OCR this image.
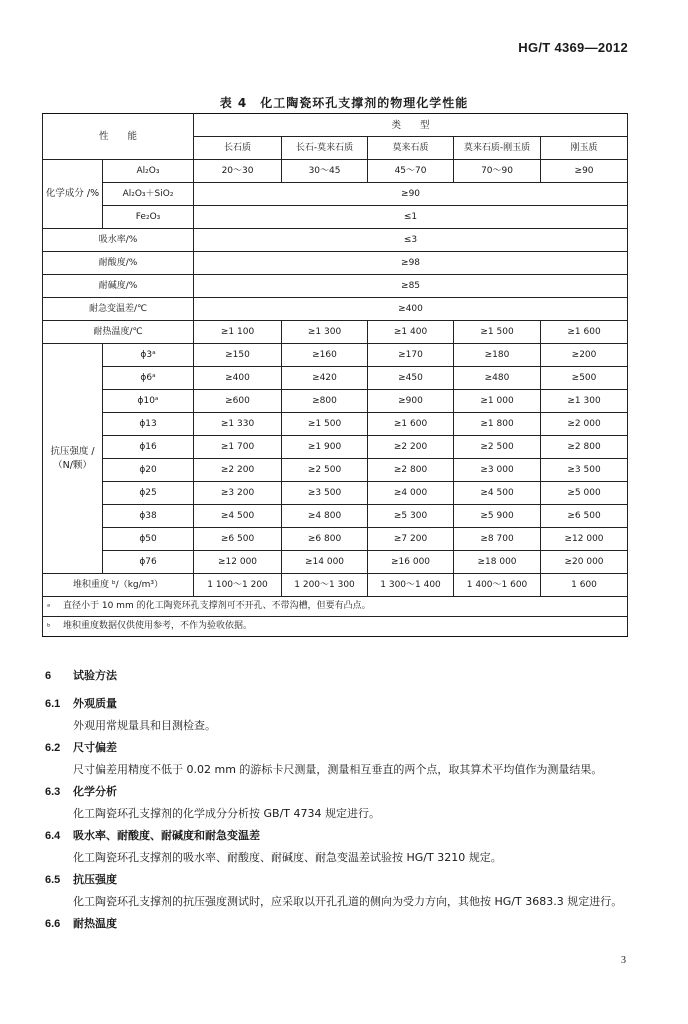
HG/T 4369—2012
表 4　化工陶瓷环孔支撑剂的物理化学性能
性　　能		类　　型				
		长石质	长石-莫来石质	莫来石质	莫来石质-刚玉质	刚玉质
化学成分 /%	Al₂O₃	20～30	30～45	45～70	70～90	≥90
	Al₂O₃＋SiO₂	≥90				
	Fe₂O₃	≤1				
吸水率/%		≤3				
耐酸度/%		≥98				
耐碱度/%		≥85				
耐急变温差/℃		≥400				
耐热温度/℃		≥1 100	≥1 300	≥1 400	≥1 500	≥1 600
抗压强度 /（N/颗）	ϕ3ᵃ	≥150	≥160	≥170	≥180	≥200
	ϕ6ᵃ	≥400	≥420	≥450	≥480	≥500
	ϕ10ᵃ	≥600	≥800	≥900	≥1 000	≥1 300
	ϕ13	≥1 330	≥1 500	≥1 600	≥1 800	≥2 000
	ϕ16	≥1 700	≥1 900	≥2 200	≥2 500	≥2 800
	ϕ20	≥2 200	≥2 500	≥2 800	≥3 000	≥3 500
	ϕ25	≥3 200	≥3 500	≥4 000	≥4 500	≥5 000
	ϕ38	≥4 500	≥4 800	≥5 300	≥5 900	≥6 500
	ϕ50	≥6 500	≥6 800	≥7 200	≥8 700	≥12 000
	ϕ76	≥12 000	≥14 000	≥16 000	≥18 000	≥20 000
堆积重度 ᵇ/（kg/m³）		1 100～1 200	1 200～1 300	1 300～1 400	1 400～1 600	1 600
ᵃ 直径小于 10 mm 的化工陶瓷环孔支撑剂可不开孔、不带沟槽，但要有凸点。						
ᵇ 堆积重度数据仅供使用参考，不作为验收依据。						
6 试验方法
6.1 外观质量
外观用常规量具和目测检查。
6.2 尺寸偏差
尺寸偏差用精度不低于 0.02 mm 的游标卡尺测量，测量相互垂直的两个点，取其算术平均值作为测量结果。
6.3 化学分析
化工陶瓷环孔支撑剂的化学成分分析按 GB/T 4734 规定进行。
6.4 吸水率、耐酸度、耐碱度和耐急变温差
化工陶瓷环孔支撑剂的吸水率、耐酸度、耐碱度、耐急变温差试验按 HG/T 3210 规定。
6.5 抗压强度
化工陶瓷环孔支撑剂的抗压强度测试时，应采取以开孔孔道的侧向为受力方向，其他按 HG/T 3683.3 规定进行。
6.6 耐热温度
3
